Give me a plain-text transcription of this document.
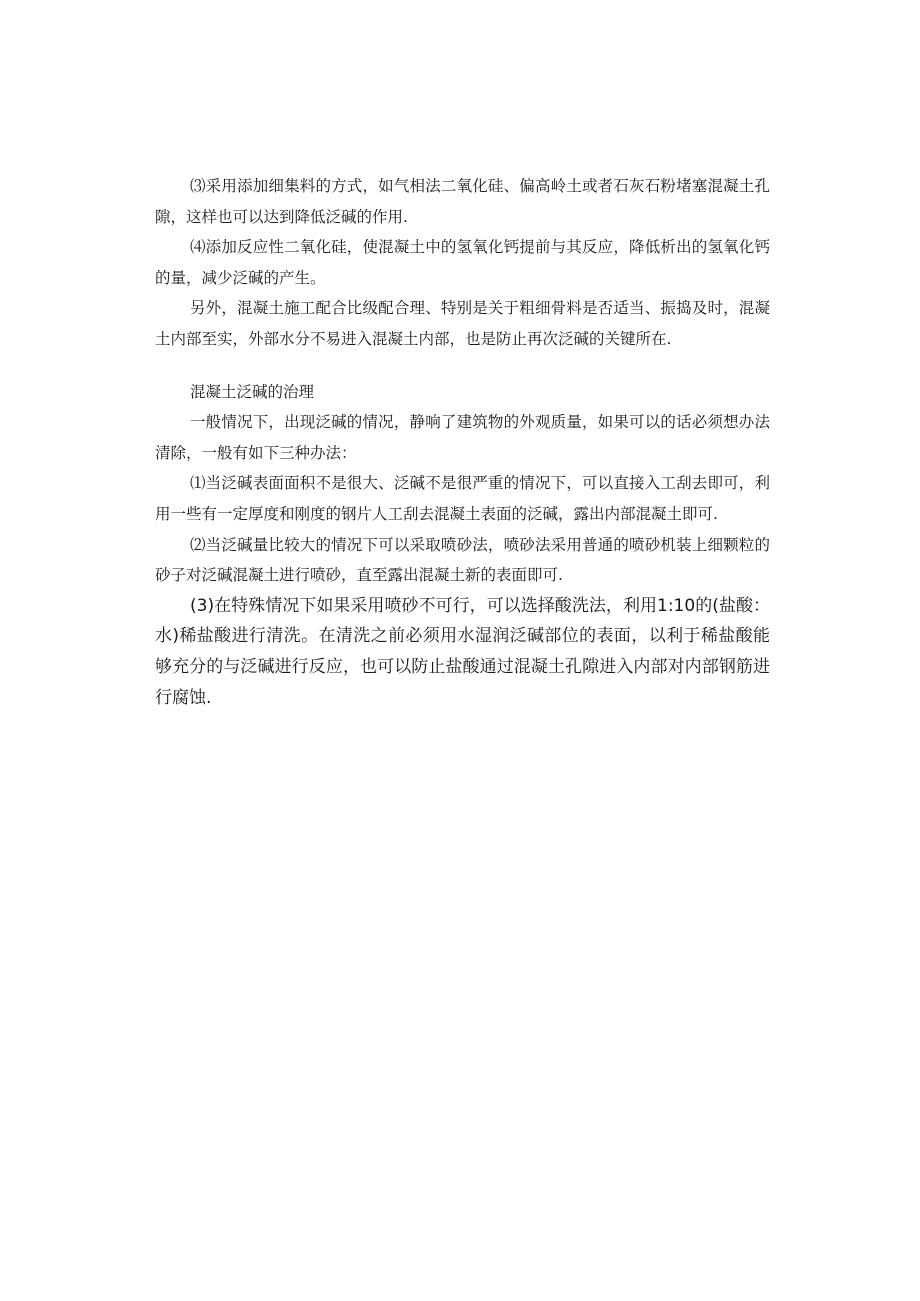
⑶采用添加细集料的方式，如气相法二氧化硅、偏高岭土或者石灰石粉堵塞混凝土孔隙，这样也可以达到降低泛碱的作用.

⑷添加反应性二氧化硅，使混凝土中的氢氧化钙提前与其反应，降低析出的氢氧化钙的量，减少泛碱的产生。

另外，混凝土施工配合比级配合理、特别是关于粗细骨料是否适当、振捣及时，混凝土内部至实，外部水分不易进入混凝土内部，也是防止再次泛碱的关键所在.

混凝土泛碱的治理

一般情况下，出现泛碱的情况，静响了建筑物的外观质量，如果可以的话必须想办法清除，一般有如下三种办法：

⑴当泛碱表面面积不是很大、泛碱不是很严重的情况下，可以直接入工刮去即可，利用一些有一定厚度和刚度的钢片人工刮去混凝土表面的泛碱，露出内部混凝土即可.

⑵当泛碱量比较大的情况下可以采取喷砂法，喷砂法采用普通的喷砂机装上细颗粒的砂子对泛碱混凝土进行喷砂，直至露出混凝土新的表面即可.

(3)在特殊情况下如果采用喷砂不可行，可以选择酸洗法，利用1:10的(盐酸：水)稀盐酸进行清洗。在清洗之前必须用水湿润泛碱部位的表面，以利于稀盐酸能够充分的与泛碱进行反应，也可以防止盐酸通过混凝土孔隙进入内部对内部钢筋进行腐蚀.
